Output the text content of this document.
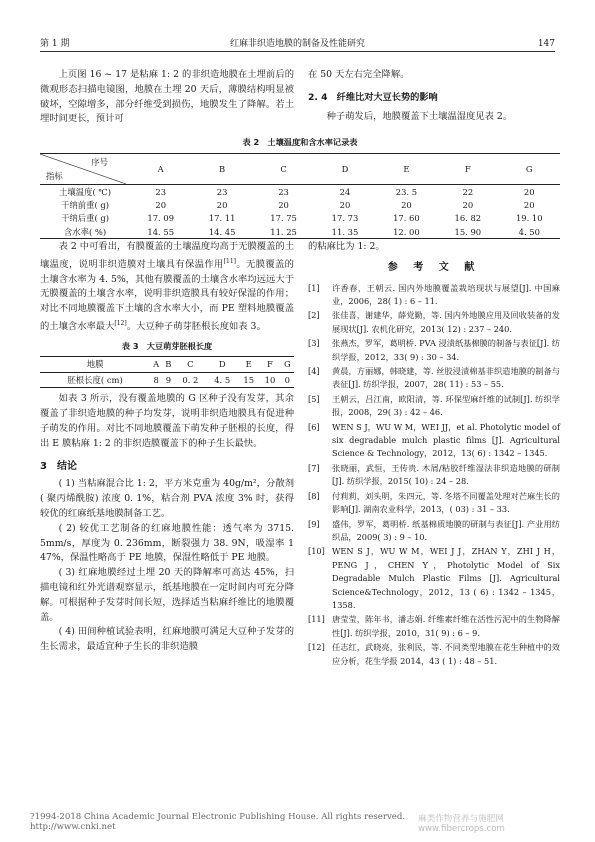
第 1 期	红麻非织造地膜的制备及性能研究	147

上页图 16 ~ 17 是粘麻 1: 2 的非织造地膜在土埋前后的微观形态扫描电镜图，地膜在土埋 20 天后，薄膜结构明显被破坏，空隙增多，部分纤维受到损伤，地膜发生了降解。若土埋时间更长，预计可

在 50 天左右完全降解。

2. 4　纤维比对大豆长势的影响

种子萌发后，地膜覆盖下土壤温湿度见表 2。

表 2　土壤温度和含水率记录表
序号
指标	A	B	C	D	E	F	G
土壤温度( ℃)	23	23	23	24	23. 5	22	20
干纳前重( g)	20	20	20	20	20	20	20
干纳后重( g)	17. 09	17. 11	17. 75	17. 73	17. 60	16. 82	19. 10
含水率( %)	14. 55	14. 45	11. 25	11. 35	12. 00	15. 90	4. 50

表 2 中可看出，有膜覆盖的土壤温度均高于无膜覆盖的土壤温度，说明非织造膜对土壤具有保温作用[11]。无膜覆盖的土壤含水率为 4. 5%，其他有膜覆盖的土壤含水率均远远大于无膜覆盖的土壤含水率，说明非织造膜具有较好保湿的作用；对比不同地膜覆盖下土壤的含水率大小，而 PE 塑料地膜覆盖的土壤含水率最大[12]。大豆种子萌芽胚根长度如表 3。

表 3　大豆萌芽胚根长度
地膜	A	B	C	D	E	F	G
胚根长度( cm)	8	9	0. 2	4. 5	15	10	0

如表 3 所示，没有覆盖地膜的 G 区种子没有发芽，其余覆盖了非织造地膜的种子均发芽，说明非织造地膜具有促进种子萌发的作用。对比不同地膜覆盖下萌发种子胚根的长度，得出 E 膜粘麻 1: 2 的非织造膜覆盖下的种子生长最快。

3　结论

( 1) 当粘麻混合比 1: 2，平方米克重为 40g/m²，分散剂( 聚丙烯酰胺) 浓度 0. 1%，粘合剂 PVA 浓度 3% 时，获得较优的红麻纸基地膜制备工艺。

( 2) 较优工艺制备的红麻地膜性能：透气率为 3715. 5mm/s，厚度为 0. 236mm，断裂强力 38. 9N，吸湿率 1 47%，保温性略高于 PE 地膜，保湿性略低于 PE 地膜。

( 3) 红麻地膜经过土埋 20 天的降解率可高达 45%，扫描电镜和红外光谱观察显示，纸基地膜在一定时间内可充分降解。可根据种子发芽时间长短，选择适当粘麻纤维比的地膜覆盖。

( 4) 田间种植试验表明，红麻地膜可满足大豆种子发芽的生长需求，最适宜种子生长的非织造膜

的粘麻比为 1: 2。

参 考 文 献
[1]	许香春，王朝云. 国内外地膜覆盖栽培现状与展望[J]. 中国麻业，2006，28( 1) : 6 – 11.
[2]	张佳喜，谢建华，薛党勤，等. 国内外地膜应用及回收装备的发展现状[J]. 农机化研究，2013( 12) : 237 – 240.
[3]	张燕杰，罗军，葛明桥. PVA 浸渍纸基棉膜的制备与表征[J]. 纺织学报，2012，33( 9) : 30 – 34.
[4]	黄晨，方丽娜，韩晓建，等. 丝胶浸渍棉基非织造地膜的制备与表征[J]. 纺织学报，2007，28( 11) : 53 – 55.
[5]	王朝云，吕江南，欧阳清，等. 环保型麻纤维的试制[J]. 纺织学报，2008，29( 3) : 42 – 46.
[6]	WEN S J，WU W M，WEI JJ，et al. Photolytic model of six degradable mulch plastic films [J]. Agricultural Science & Technology，2012，13( 6) : 1342 – 1345.
[7]	张晓丽，武恒，王传贵. 木屑/粘胶纤维湿法非织造地膜的研制[J]. 纺织学报，2015( 10) : 24 – 28.
[8]	付莉莉，刘头明，朱四元，等. 冬塔不同覆盖处理对芒麻生长的影响[J]. 湖南农业科学，2013，( 03) : 31 – 33.
[9]	盛伟，罗军，葛明桥. 纸基棉质地膜的研制与表征[J]. 产业用纺织品，2009( 3) : 9 – 10.
[10] WEN S J，WU W M，WEI J J，ZHAN Y，ZHI J H，PENG J，CHEN Y，Photolytic Model of Six Degradable Mulch Plastic Films [J]. Agricultural Science&Technology，2012，13 ( 6) : 1342 – 1345，1358.
[11] 唐莹莹，陈年书，潘志娟. 纤维素纤维在活性污泥中的生物降解性[J]. 纺织学报，2010，31( 9) : 6 – 9.
[12] 任志红，武晓亮，张利民，等. 不同类型地膜在花生种植中的效应分析，花生学报 2014，43 ( 1) : 48 – 51.
?1994-2018 China Academic Journal Electronic Publishing House. All rights reserved. http://www.cnki.net
麻类作物营养与施肥网 www.fibercrops.com
